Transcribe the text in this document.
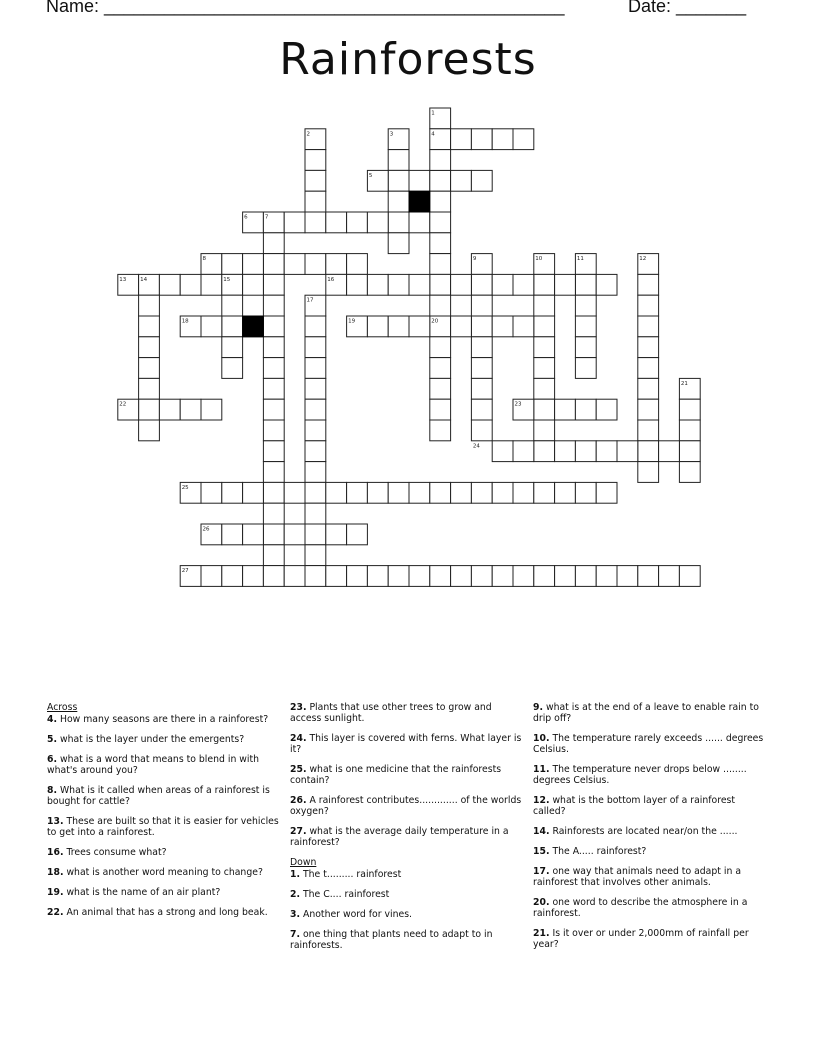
Name: ______________________________________________	Date: _______
Rainforests
1
2	3	4
5
6	7
8	9	10	11	12
13	14	15	16
17
18	19	20
21
22	23
24
25
26
27
Across
4. How many seasons are there in a rainforest?
5. what is the layer under the emergents?
6. what is a word that means to blend in with what's around you?
8. What is it called when areas of a rainforest is bought for cattle?
13. These are built so that it is easier for vehicles to get into a rainforest.
16. Trees consume what?
18. what is another word meaning to change?
19. what is the name of an air plant?
22. An animal that has a strong and long beak.
23. Plants that use other trees to grow and access sunlight.
24. This layer is covered with ferns. What layer is it?
25. what is one medicine that the rainforests contain?
26. A rainforest contributes............. of the worlds oxygen?
27. what is the average daily temperature in a rainforest?
Down
1. The t......... rainforest
2. The C.... rainforest
3. Another word for vines.
7. one thing that plants need to adapt to in rainforests.
9. what is at the end of a leave to enable rain to drip off?
10. The temperature rarely exceeds ...... degrees Celsius.
11. The temperature never drops below ........ degrees Celsius.
12. what is the bottom layer of a rainforest called?
14. Rainforests are located near/on the ......
15. The A..... rainforest?
17. one way that animals need to adapt in a rainforest that involves other animals.
20. one word to describe the atmosphere in a rainforest.
21. Is it over or under 2,000mm of rainfall per year?
